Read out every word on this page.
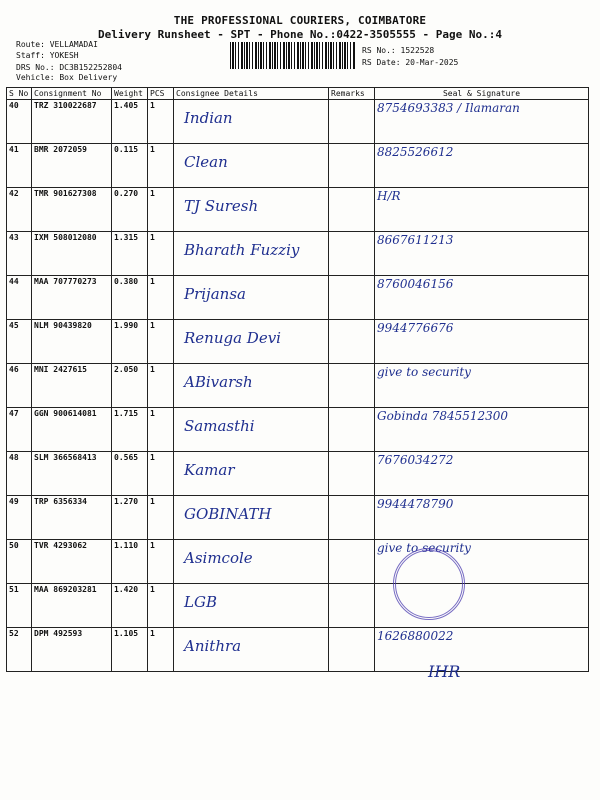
THE PROFESSIONAL COURIERS, COIMBATORE
Delivery Runsheet - SPT - Phone No.:0422-3505555 - Page No.:4
Route: VELLAMADAI
Staff: YOKESH
DRS No.: DC3B152252804
Vehicle: Box Delivery
RS No.: 1522528
RS Date: 20-Mar-2025
S No	Consignment No	Weight	PCS	Consignee Details	Remarks	Seal & Signature
40	TRZ 310022687	1.405	1	Indian		8754693383 / Ilamaran

41	BMR 2072059	0.115	1	Clean		8825526612

42	TMR 901627308	0.270	1	TJ Suresh		H/R

43	IXM 508012080	1.315	1	Bharath Fuzziy		8667611213

44	MAA 707770273	0.380	1	Prijansa		8760046156

45	NLM 90439820	1.990	1	Renuga Devi		9944776676

46	MNI 2427615	2.050	1	ABivarsh		give to security

47	GGN 900614081	1.715	1	Samasthi		Gobinda 7845512300

48	SLM 366568413	0.565	1	Kamar		7676034272

49	TRP 6356334	1.270	1	GOBINATH		9944478790

50	TVR 4293062	1.110	1	Asimcole		give to security

51	MAA 869203281	1.420	1	LGB		

52	DPM 492593	1.105	1	Anithra		1626880022
IHR
